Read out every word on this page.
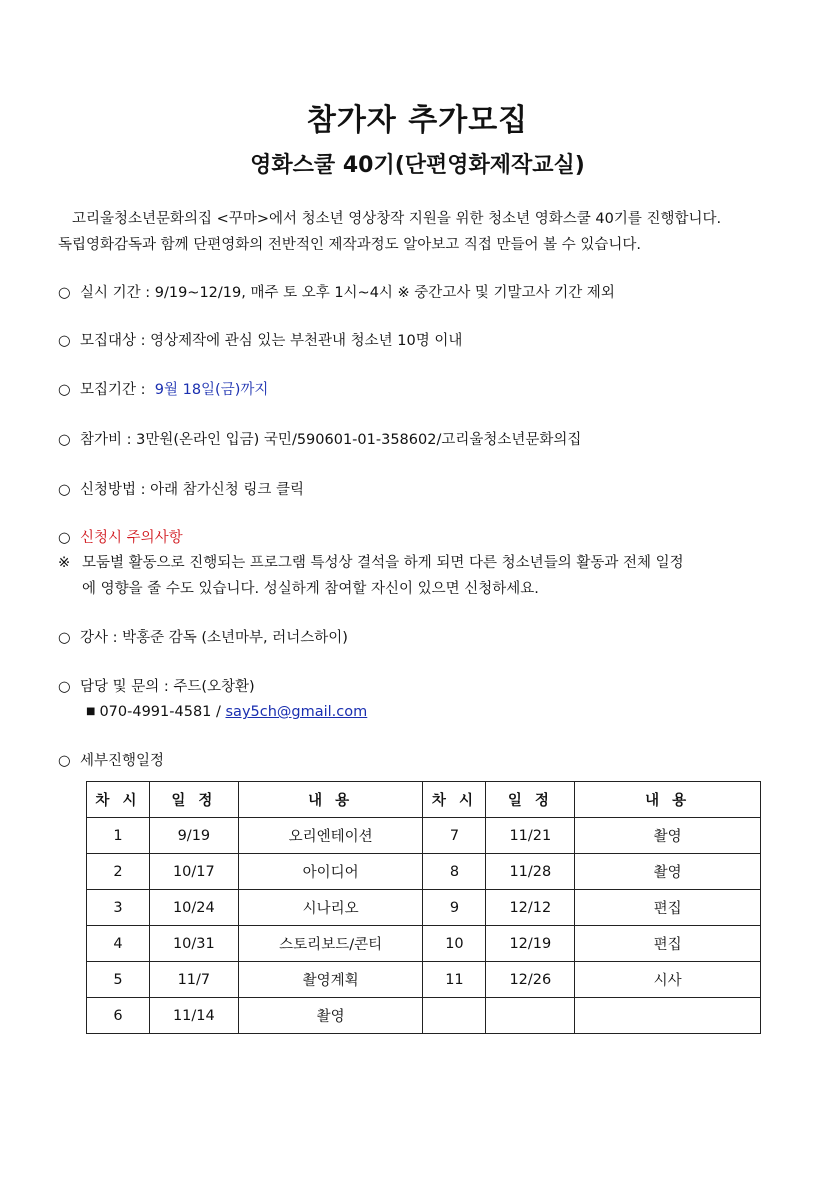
참가자 추가모집
영화스쿨 40기(단편영화제작교실)
고리울청소년문화의집 <꾸마>에서 청소년 영상창작 지원을 위한 청소년 영화스쿨 40기를 진행합니다.
독립영화감독과 함께 단편영화의 전반적인 제작과정도 알아보고 직접 만들어 볼 수 있습니다.
○ 실시 기간 : 9/19~12/19, 매주 토 오후 1시~4시 ※ 중간고사 및 기말고사 기간 제외
○ 모집대상 : 영상제작에 관심 있는 부천관내 청소년 10명 이내
○ 모집기간 : 9월 18일(금)까지
○ 참가비 : 3만원(온라인 입금) 국민/590601-01-358602/고리울청소년문화의집
○ 신청방법 : 아래 참가신청 링크 클릭
○ 신청시 주의사항
※ 모둠별 활동으로 진행되는 프로그램 특성상 결석을 하게 되면 다른 청소년들의 활동과 전체 일정
에 영향을 줄 수도 있습니다. 성실하게 참여할 자신이 있으면 신청하세요.
○ 강사 : 박홍준 감독 (소년마부, 러너스하이)
○ 담당 및 문의 : 주드(오창환)
■ 070-4991-4581 / say5ch@gmail.com
○ 세부진행일정
차 시	일 정	내 용	차 시	일 정	내 용
1	9/19	오리엔테이션	7	11/21	촬영
2	10/17	아이디어	8	11/28	촬영
3	10/24	시나리오	9	12/12	편집
4	10/31	스토리보드/콘티	10	12/19	편집
5	11/7	촬영계획	11	12/26	시사
6	11/14	촬영			
